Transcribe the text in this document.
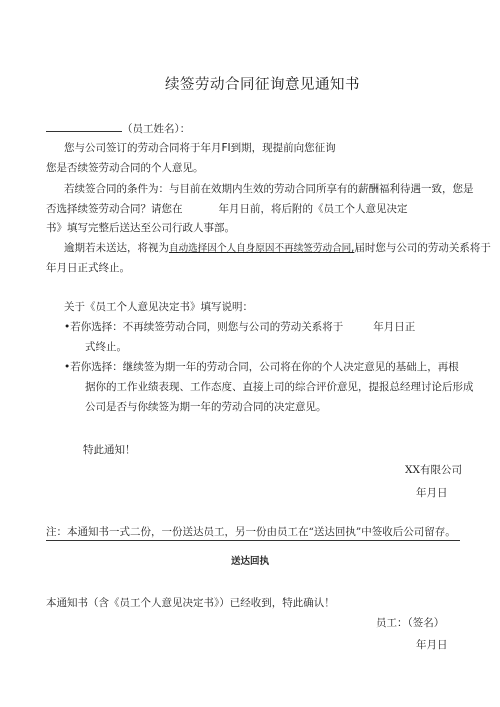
续签劳动合同征询意见通知书
（员工姓名）：
您与公司签订的劳动合同将于年月FI到期，现提前向您征询
您是否续签劳动合同的个人意见。
若续签合同的条件为：与目前在效期内生效的劳动合同所享有的薪酬福利待遇一致，您是
否选择续签劳动合同？请您在	年月日前，将后附的《员工个人意见决定
书》填写完整后送达至公司行政人事部。
逾期若未送达，将视为自动选择因个人自身原因不再续签劳动合同,届时您与公司的劳动关系将于
年月日正式终止。
关于《员工个人意见决定书》填写说明：
•若你选择：不再续签劳动合同，则您与公司的劳动关系将于	年月日正
式终止。
•若你选择：继续签为期一年的劳动合同，公司将在你的个人决定意见的基础上，再根
据你的工作业绩表现、工作态度、直接上司的综合评价意见，提报总经理讨论后形成
公司是否与你续签为期一年的劳动合同的决定意见。
特此通知！
XX有限公司
年月日
注：本通知书一式二份，一份送达员工，另一份由员工在“送达回执”中签收后公司留存。
送达回执
本通知书（含《员工个人意见决定书》）已经收到，特此确认！
员工：（签名）
年月日
